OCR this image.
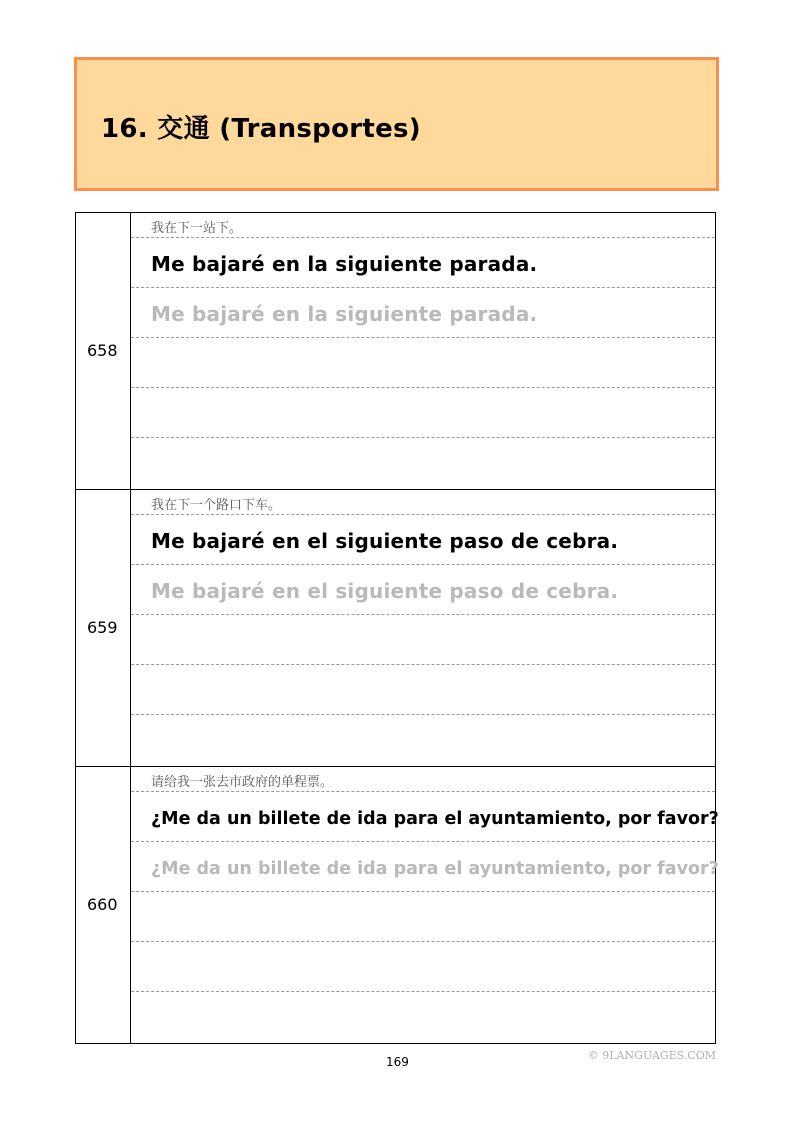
16. 交通 (Transportes)
658
我在下一站下。
Me bajaré en la siguiente parada.
Me bajaré en la siguiente parada.
659
我在下一个路口下车。
Me bajaré en el siguiente paso de cebra.
Me bajaré en el siguiente paso de cebra.
660
请给我一张去市政府的单程票。
¿Me da un billete de ida para el ayuntamiento, por favor?
¿Me da un billete de ida para el ayuntamiento, por favor?
169	© 9LANGUAGES.COM
